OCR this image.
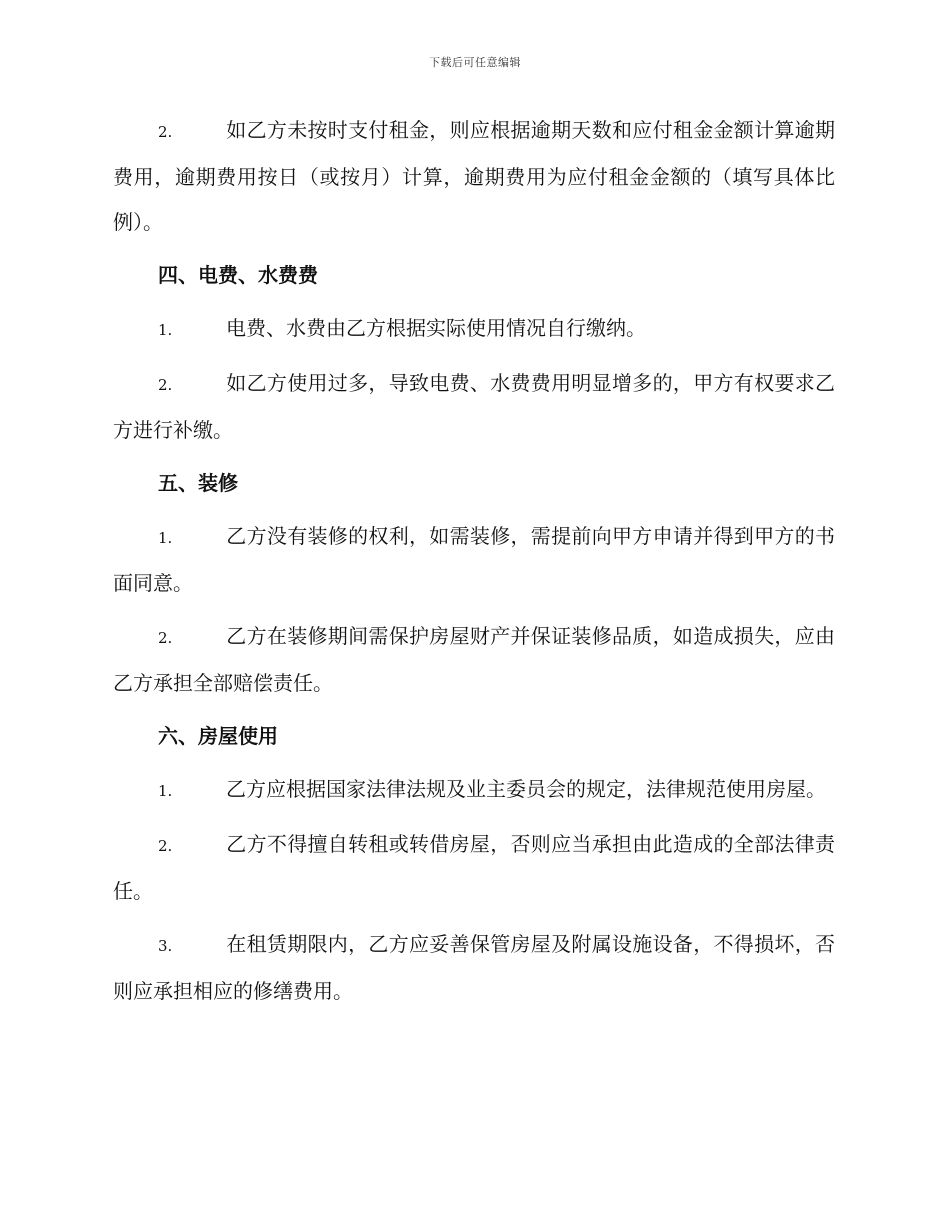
下载后可任意编辑

2.	如乙方未按时支付租金，则应根据逾期天数和应付租金金额计算逾期费用，逾期费用按日（或按月）计算，逾期费用为应付租金金额的（填写具体比例）。

四、电费、水费费

1.	电费、水费由乙方根据实际使用情况自行缴纳。

2.	如乙方使用过多，导致电费、水费费用明显增多的，甲方有权要求乙方进行补缴。

五、装修

1.	乙方没有装修的权利，如需装修，需提前向甲方申请并得到甲方的书面同意。

2.	乙方在装修期间需保护房屋财产并保证装修品质，如造成损失，应由乙方承担全部赔偿责任。

六、房屋使用

1.	乙方应根据国家法律法规及业主委员会的规定，法律规范使用房屋。

2.	乙方不得擅自转租或转借房屋，否则应当承担由此造成的全部法律责任。

3.	在租赁期限内，乙方应妥善保管房屋及附属设施设备，不得损坏，否则应承担相应的修缮费用。
